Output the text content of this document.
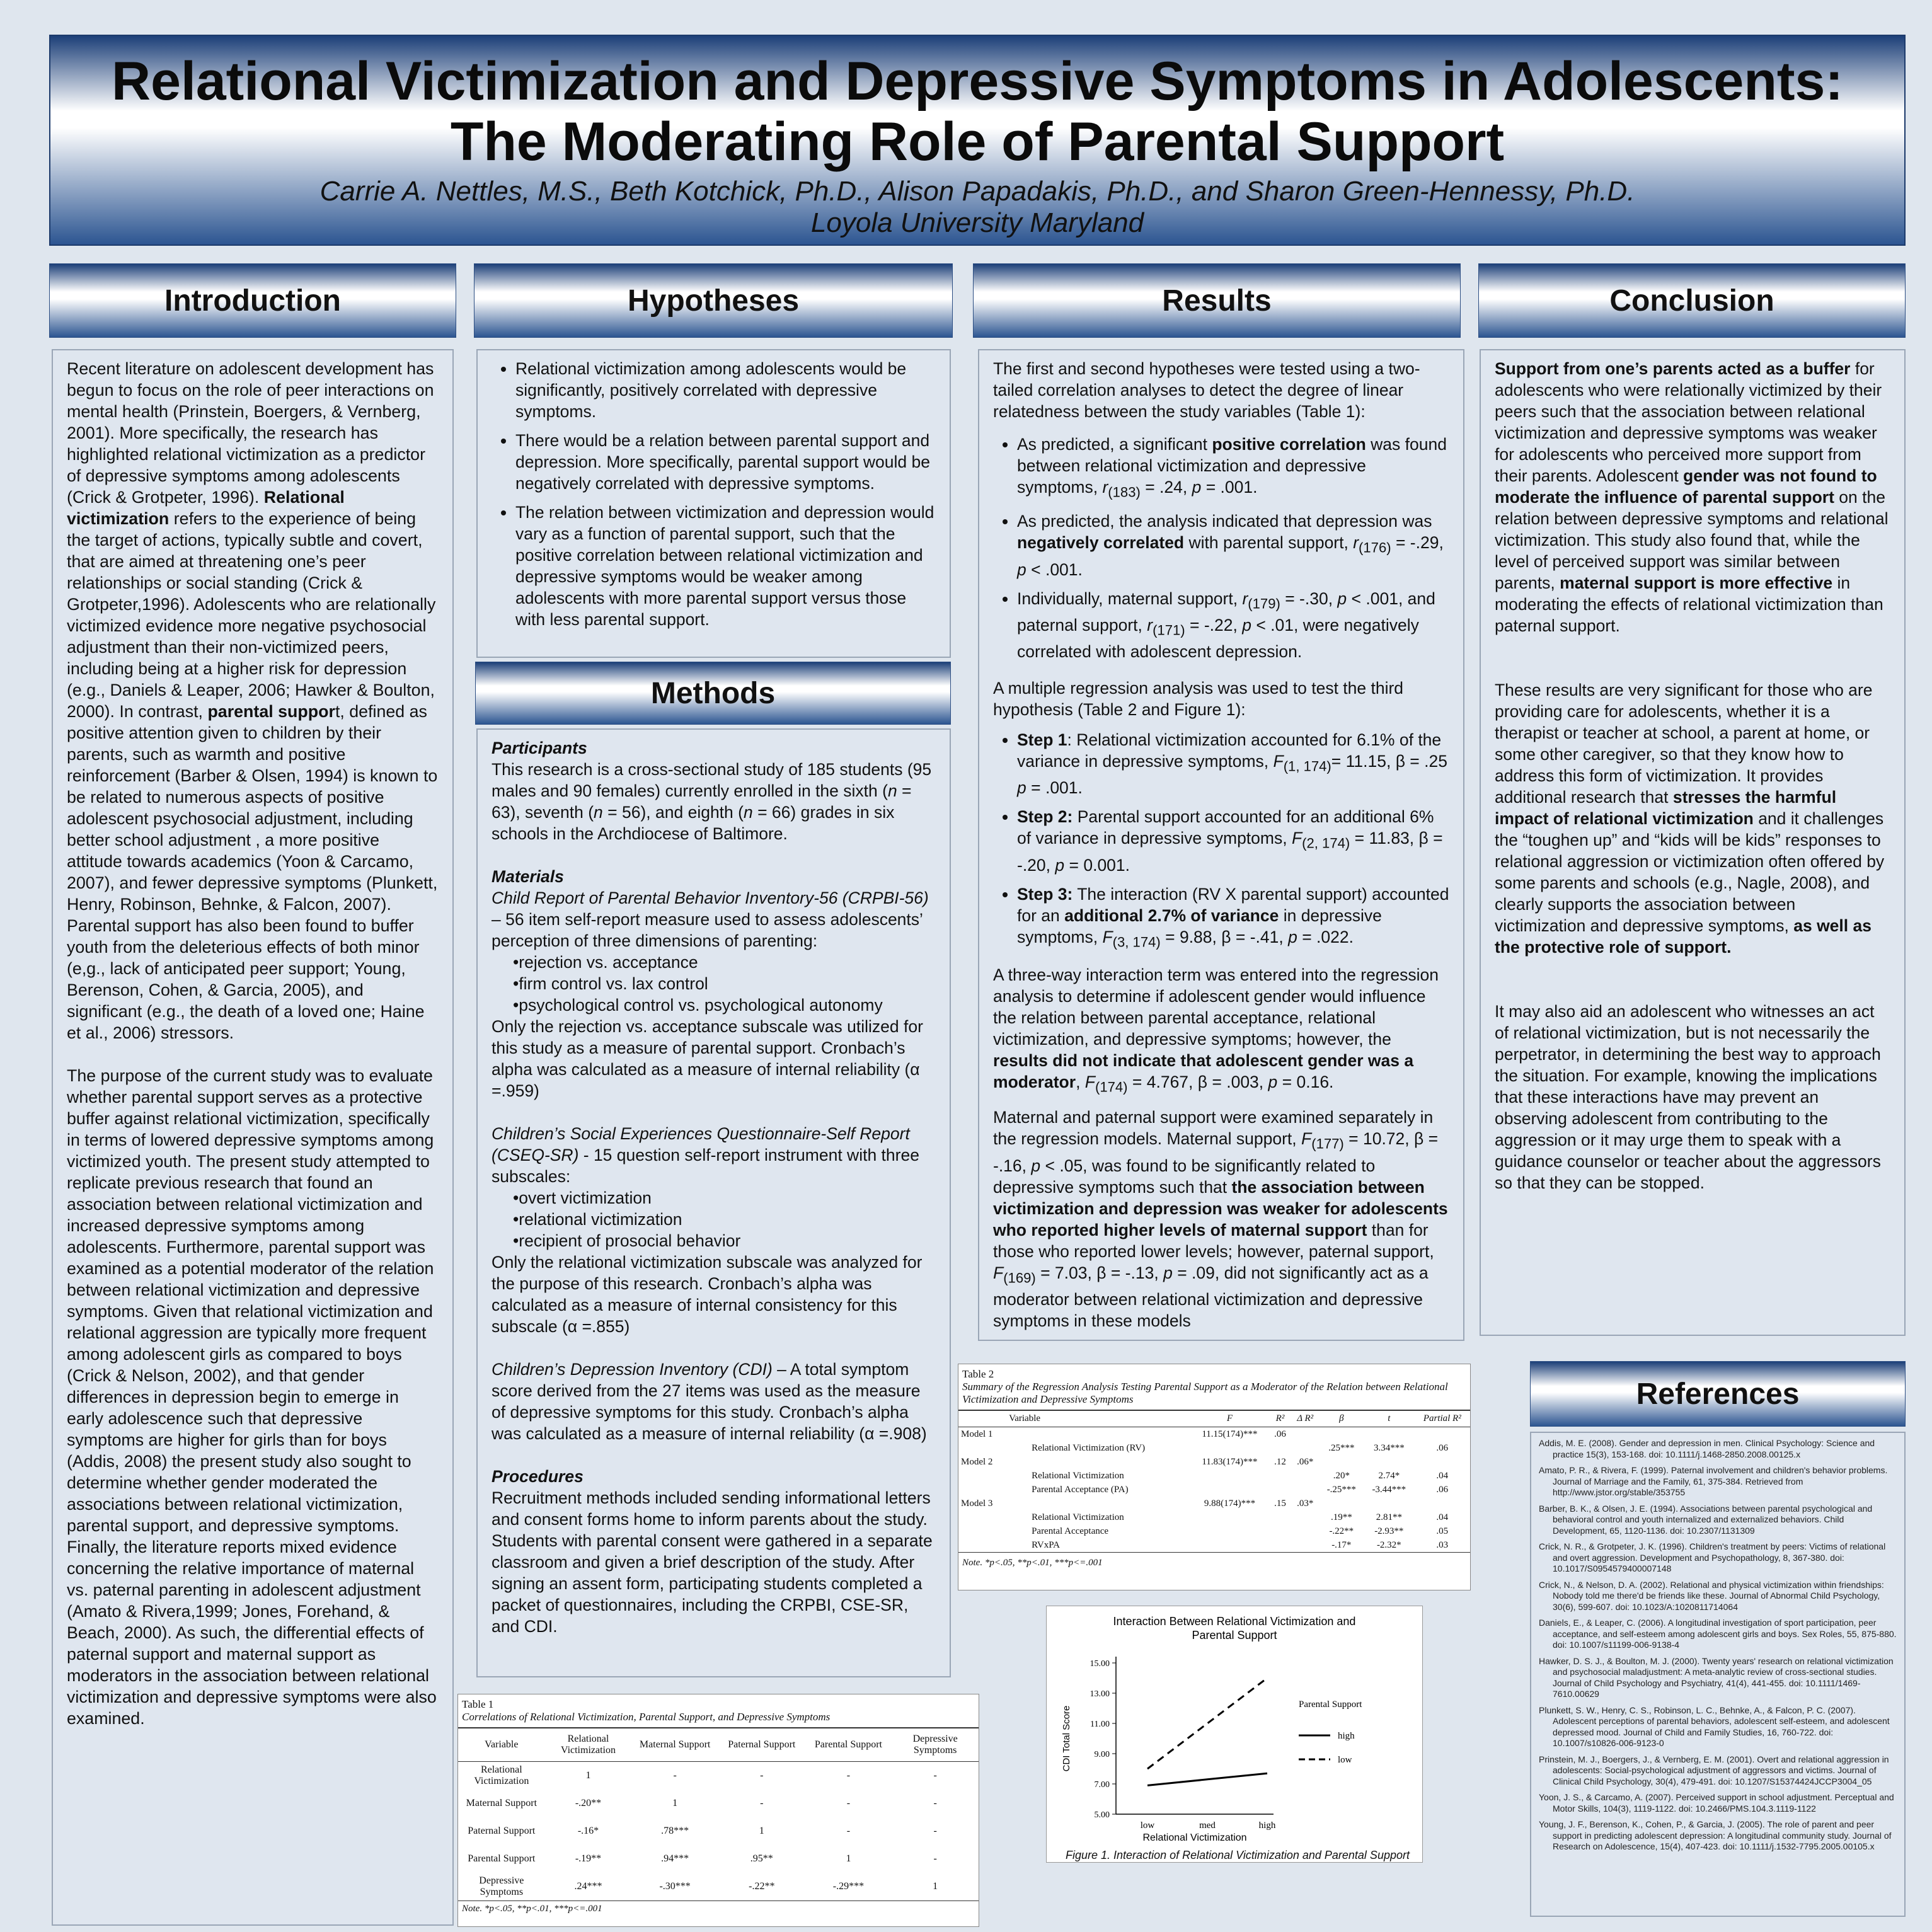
Relational Victimization and Depressive Symptoms in Adolescents:
The Moderating Role of Parental Support
Carrie A. Nettles, M.S., Beth Kotchick, Ph.D., Alison Papadakis, Ph.D., and Sharon Green-Hennessy, Ph.D.
Loyola University Maryland
Introduction	Hypotheses	Results	Conclusion
Methods
References

Recent literature on adolescent development has begun to focus on the role of peer interactions on mental health (Prinstein, Boergers, & Vernberg, 2001). More specifically, the research has highlighted relational victimization as a predictor of depressive symptoms among adolescents (Crick & Grotpeter, 1996). Relational victimization refers to the experience of being the target of actions, typically subtle and covert, that are aimed at threatening one’s peer relationships or social standing (Crick & Grotpeter,1996). Adolescents who are relationally victimized evidence more negative psychosocial adjustment than their non-victimized peers, including being at a higher risk for depression (e.g., Daniels & Leaper, 2006; Hawker & Boulton, 2000). In contrast, parental support, defined as positive attention given to children by their parents, such as warmth and positive reinforcement (Barber & Olsen, 1994) is known to be related to numerous aspects of positive adolescent psychosocial adjustment, including better school adjustment , a more positive attitude towards academics (Yoon & Carcamo, 2007), and fewer depressive symptoms (Plunkett, Henry, Robinson, Behnke, & Falcon, 2007). Parental support has also been found to buffer youth from the deleterious effects of both minor (e,g., lack of anticipated peer support; Young, Berenson, Cohen, & Garcia, 2005), and significant (e.g., the death of a loved one; Haine et al., 2006) stressors.

The purpose of the current study was to evaluate whether parental support serves as a protective buffer against relational victimization, specifically in terms of lowered depressive symptoms among victimized youth. The present study attempted to replicate previous research that found an association between relational victimization and increased depressive symptoms among adolescents. Furthermore, parental support was examined as a potential moderator of the relation between relational victimization and depressive symptoms. Given that relational victimization and relational aggression are typically more frequent among adolescent girls as compared to boys (Crick & Nelson, 2002), and that gender differences in depression begin to emerge in early adolescence such that depressive symptoms are higher for girls than for boys (Addis, 2008) the present study also sought to determine whether gender moderated the associations between relational victimization, parental support, and depressive symptoms. Finally, the literature reports mixed evidence concerning the relative importance of maternal vs. paternal parenting in adolescent adjustment (Amato & Rivera,1999; Jones, Forehand, & Beach, 2000). As such, the differential effects of paternal support and maternal support as moderators in the association between relational victimization and depressive symptoms were also examined.

• Relational victimization among adolescents would be significantly, positively correlated with depressive symptoms.
• There would be a relation between parental support and depression. More specifically, parental support would be negatively correlated with depressive symptoms.
• The relation between victimization and depression would vary as a function of parental support, such that the positive correlation between relational victimization and depressive symptoms would be weaker among adolescents with more parental support versus those with less parental support.
Participants

This research is a cross-sectional study of 185 students (95 males and 90 females) currently enrolled in the sixth (n = 63), seventh (n = 56), and eighth (n = 66) grades in six schools in the Archdiocese of Baltimore.

Materials

Child Report of Parental Behavior Inventory-56 (CRPBI-56) – 56 item self-report measure used to assess adolescents’ perception of three dimensions of parenting:

• rejection vs. acceptance
• firm control vs. lax control
• psychological control vs. psychological autonomy

Only the rejection vs. acceptance subscale was utilized for this study as a measure of parental support. Cronbach’s alpha was calculated as a measure of internal reliability (α =.959)

Children’s Social Experiences Questionnaire-Self Report (CSEQ-SR) - 15 question self-report instrument with three subscales:

• overt victimization
• relational victimization
• recipient of prosocial behavior

Only the relational victimization subscale was analyzed for the purpose of this research. Cronbach’s alpha was calculated as a measure of internal consistency for this subscale (α =.855)

Children’s Depression Inventory (CDI) – A total symptom score derived from the 27 items was used as the measure of depressive symptoms for this study. Cronbach’s alpha was calculated as a measure of internal reliability (α =.908)

Procedures

Recruitment methods included sending informational letters and consent forms home to inform parents about the study. Students with parental consent were gathered in a separate classroom and given a brief description of the study. After signing an assent form, participating students completed a packet of questionnaires, including the CRPBI, CSE-SR, and CDI.

The first and second hypotheses were tested using a two-tailed correlation analyses to detect the degree of linear relatedness between the study variables (Table 1):

• As predicted, a significant positive correlation was found between relational victimization and depressive symptoms, $r_{(183)} = .24$, p = .001.
• As predicted, the analysis indicated that depression was negatively correlated with parental support, $r_{(176)} = -.29$, p < .001.
• Individually, maternal support, $r_{(179)} = -.30$, p < .001, and paternal support, $r_{(171)} = -.22$, p < .01, were negatively correlated with adolescent depression.

A multiple regression analysis was used to test the third hypothesis (Table 2 and Figure 1):

• Step 1: Relational victimization accounted for 6.1% of the variance in depressive symptoms, $F_{(1, 174)}= 11.15$, β = .25 p = .001.
• Step 2: Parental support accounted for an additional 6% of variance in depressive symptoms, $F_{(2, 174)} = 11.83$, β = -.20, p = 0.001.
• Step 3: The interaction (RV X parental support) accounted for an additional 2.7% of variance in depressive symptoms, $F_{(3, 174)} = 9.88$, β = -.41, p = .022.

A three-way interaction term was entered into the regression analysis to determine if adolescent gender would influence the relation between parental acceptance, relational victimization, and depressive symptoms; however, the results did not indicate that adolescent gender was a moderator, $F_{(174)} = 4.767$, β = .003, p = 0.16.

Maternal and paternal support were examined separately in the regression models. Maternal support, $F_{(177)} = 10.72$, β = -.16, p < .05, was found to be significantly related to depressive symptoms such that the association between victimization and depression was weaker for adolescents who reported higher levels of maternal support than for those who reported lower levels; however, paternal support, $F_{(169)} = 7.03$, β = -.13, p = .09, did not significantly act as a moderator between relational victimization and depressive symptoms in these models

Support from one’s parents acted as a buffer for adolescents who were relationally victimized by their peers such that the association between relational victimization and depressive symptoms was weaker for adolescents who perceived more support from their parents. Adolescent gender was not found to moderate the influence of parental support on the relation between depressive symptoms and relational victimization. This study also found that, while the level of perceived support was similar between parents, maternal support is more effective in moderating the effects of relational victimization than paternal support.

These results are very significant for those who are providing care for adolescents, whether it is a therapist or teacher at school, a parent at home, or some other caregiver, so that they know how to address this form of victimization. It provides additional research that stresses the harmful impact of relational victimization and it challenges the “toughen up” and “kids will be kids” responses to relational aggression or victimization often offered by some parents and schools (e.g., Nagle, 2008), and clearly supports the association between victimization and depressive symptoms, as well as the protective role of support.

It may also aid an adolescent who witnesses an act of relational victimization, but is not necessarily the perpetrator, in determining the best way to approach the situation. For example, knowing the implications that these interactions have may prevent an observing adolescent from contributing to the aggression or it may urge them to speak with a guidance counselor or teacher about the aggressors so that they can be stopped.

Table 2
Summary of the Regression Analysis Testing Parental Support as a Moderator of the Relation between Relational Victimization and Depressive Symptoms
	Variable	F	R²	Δ R²	β	t	Partial R²
Model 1		11.15(174)***	.06				
	Relational Victimization (RV)				.25***	3.34***	.06
Model 2		11.83(174)***	.12	.06*			
	Relational Victimization				.20*	2.74*	.04
	Parental Acceptance (PA)				-.25***	-3.44***	.06
Model 3		9.88(174)***	.15	.03*			
	Relational Victimization				.19**	2.81**	.04
	Parental Acceptance				-.22**	-2.93**	.05
	RVxPA				-.17*	-2.32*	.03
Note. *p<.05, **p<.01, ***p<=.001
Interaction Between Relational Victimization and
Parental Support
5.00
7.00
9.00
11.00
13.00
15.00
low	med	high
Relational Victimization
CDI Total Score
Parental Support
high
low
Figure 1. Interaction of Relational Victimization and Parental Support
Table 1
Correlations of Relational Victimization, Parental Support, and Depressive Symptoms
Variable	Relational Victimization	Maternal Support	Paternal Support	Parental Support	Depressive Symptoms
Relational Victimization	1	-	-	-	-
Maternal Support	-.20**	1	-	-	-
Paternal Support	-.16*	.78***	1	-	-
Parental Support	-.19**	.94***	.95**	1	-
Depressive Symptoms	.24***	-.30***	-.22**	-.29***	1
Note. *p<.05, **p<.01, ***p<=.001

Addis, M. E. (2008). Gender and depression in men. Clinical Psychology: Science and practice 15(3), 153-168. doi: 10.1111/j.1468-2850.2008.00125.x

Amato, P. R., & Rivera, F. (1999). Paternal involvement and children's behavior problems. Journal of Marriage and the Family, 61, 375-384. Retrieved from http://www.jstor.org/stable/353755

Barber, B. K., & Olsen, J. E. (1994). Associations between parental psychological and behavioral control and youth internalized and externalized behaviors. Child Development, 65, 1120-1136. doi: 10.2307/1131309

Crick, N. R., & Grotpeter, J. K. (1996). Children's treatment by peers: Victims of relational and overt aggression. Development and Psychopathology, 8, 367-380. doi: 10.1017/S0954579400007148

Crick, N., & Nelson, D. A. (2002). Relational and physical victimization within friendships: Nobody told me there'd be friends like these. Journal of Abnormal Child Psychology, 30(6), 599-607. doi: 10.1023/A:1020811714064

Daniels, E., & Leaper, C. (2006). A longitudinal investigation of sport participation, peer acceptance, and self-esteem among adolescent girls and boys. Sex Roles, 55, 875-880. doi: 10.1007/s11199-006-9138-4

Hawker, D. S. J., & Boulton, M. J. (2000). Twenty years' research on relational victimization and psychosocial maladjustment: A meta-analytic review of cross-sectional studies. Journal of Child Psychology and Psychiatry, 41(4), 441-455. doi: 10.1111/1469-7610.00629

Plunkett, S. W., Henry, C. S., Robinson, L. C., Behnke, A., & Falcon, P. C. (2007). Adolescent perceptions of parental behaviors, adolescent self-esteem, and adolescent depressed mood. Journal of Child and Family Studies, 16, 760-722. doi: 10.1007/s10826-006-9123-0

Prinstein, M. J., Boergers, J., & Vernberg, E. M. (2001). Overt and relational aggression in adolescents: Social-psychological adjustment of aggressors and victims. Journal of Clinical Child Psychology, 30(4), 479-491. doi: 10.1207/S15374424JCCP3004_05

Yoon, J. S., & Carcamo, A. (2007). Perceived support in school adjustment. Perceptual and Motor Skills, 104(3), 1119-1122. doi: 10.2466/PMS.104.3.1119-1122

Young, J. F., Berenson, K., Cohen, P., & Garcia, J. (2005). The role of parent and peer support in predicting adolescent depression: A longitudinal community study. Journal of Research on Adolescence, 15(4), 407-423. doi: 10.1111/j.1532-7795.2005.00105.x
